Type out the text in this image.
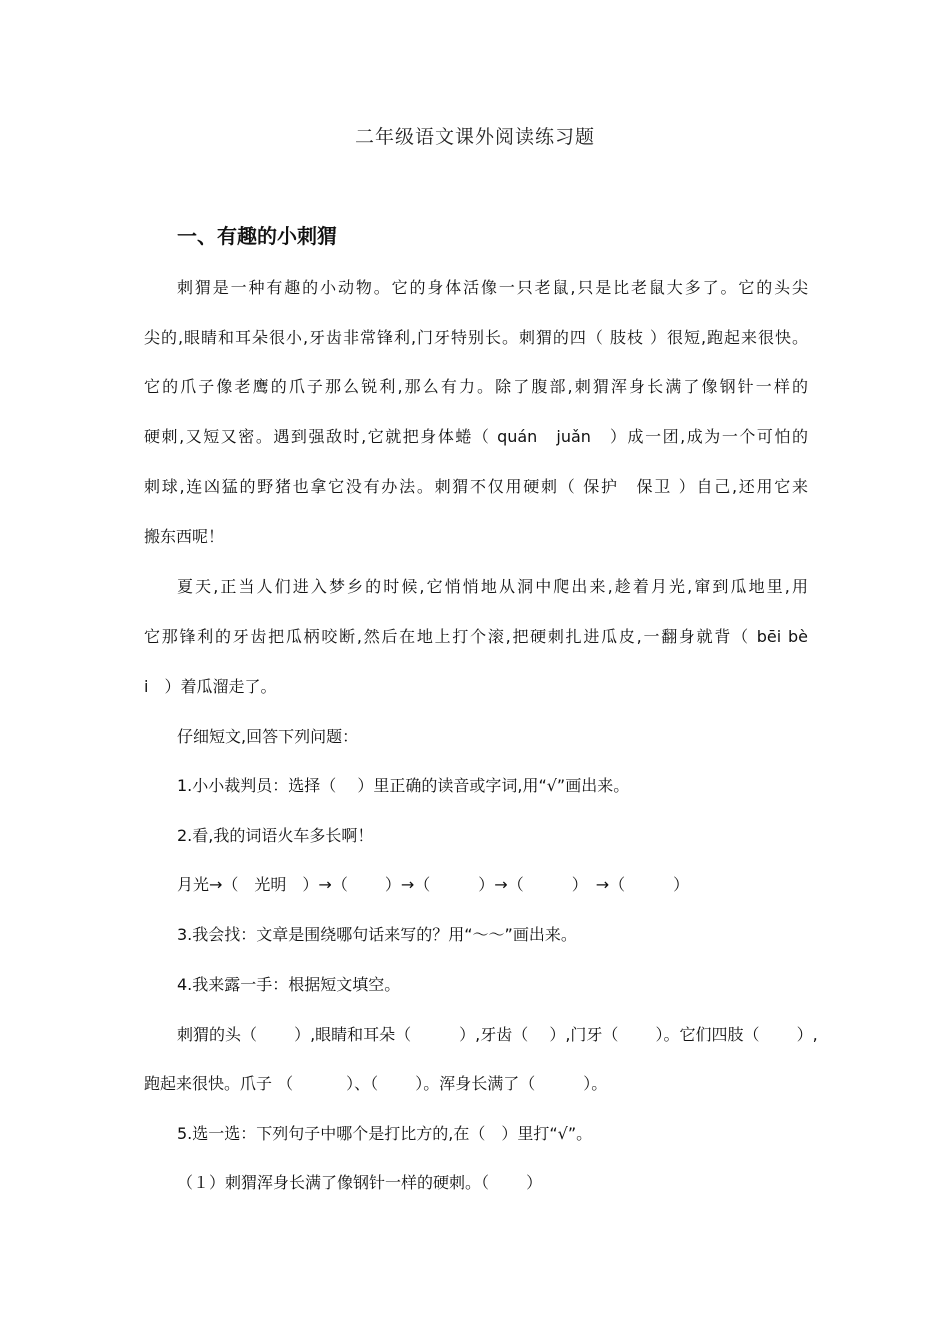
二年级语文课外阅读练习题
一、有趣的小刺猬
刺猬是一种有趣的小动物。它的身体活像一只老鼠,只是比老鼠大多了。它的头尖
尖的,眼睛和耳朵很小,牙齿非常锋利,门牙特别长。刺猬的四（ 肢枝 ）很短,跑起来很快。
它的爪子像老鹰的爪子那么锐利,那么有力。除了腹部,刺猬浑身长满了像钢针一样的
硬刺,又短又密。遇到强敌时,它就把身体蜷（ quán　juǎn　）成一团,成为一个可怕的
刺球,连凶猛的野猪也拿它没有办法。刺猬不仅用硬刺（ 保护　保卫 ）自己,还用它来
搬东西呢！
夏天,正当人们进入梦乡的时候,它悄悄地从洞中爬出来,趁着月光,窜到瓜地里,用
它那锋利的牙齿把瓜柄咬断,然后在地上打个滚,把硬刺扎进瓜皮,一翻身就背（ bēi bè
i　）着瓜溜走了。
仔细短文,回答下列问题：
1.小小裁判员：选择（　 ）里正确的读音或字词,用“√”画出来。
2.看,我的词语火车多长啊！
月光→（　光明　）→（　　 ）→（　　　）→（　　　）　→（　　　）
3.我会找：文章是围绕哪句话来写的？用“～～”画出来。
4.我来露一手：根据短文填空。
刺猬的头（　　 ）,眼睛和耳朵（　　　）,牙齿（　 ）,门牙（　　 ）。它们四肢（　　 ）,
跑起来很快。爪子 （　　　 ）、（　　 ）。浑身长满了（　　　）。
5.选一选：下列句子中哪个是打比方的,在（　）里打“√”。
（１）刺猬浑身长满了像钢针一样的硬刺。（　　 ）
